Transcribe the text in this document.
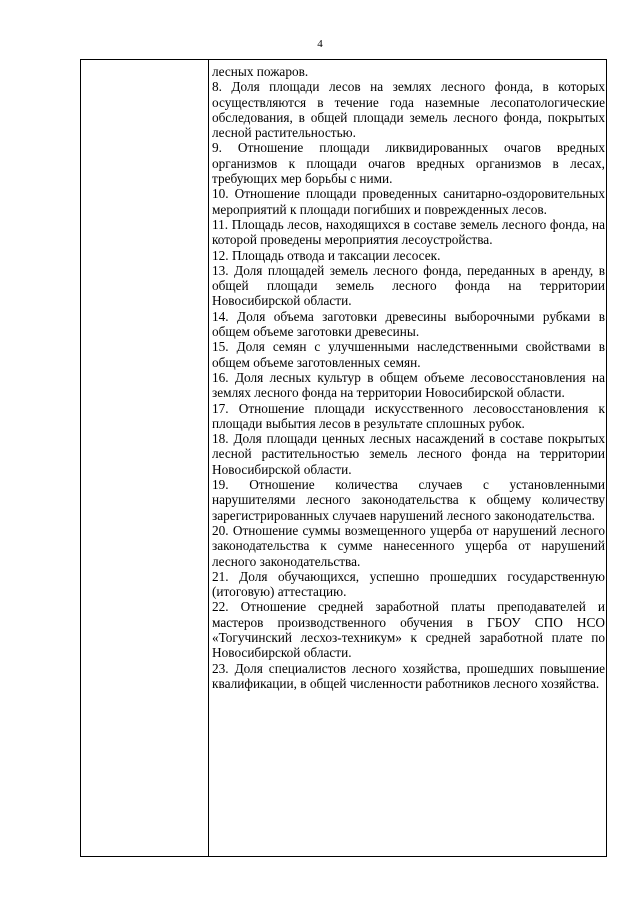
4

лесных пожаров.

8. Доля площади лесов на землях лесного фонда, в которых осуществляются в течение года наземные лесопатологические обследования, в общей площади земель лесного фонда, покрытых лесной растительностью.

9. Отношение площади ликвидированных очагов вредных организмов к площади очагов вредных организмов в лесах, требующих мер борьбы с ними.

10. Отношение площади проведенных санитарно-оздоровительных мероприятий к площади погибших и поврежденных лесов.

11. Площадь лесов, находящихся в составе земель лесного фонда, на которой проведены мероприятия лесоустройства.

12. Площадь отвода и таксации лесосек.

13. Доля площадей земель лесного фонда, переданных в аренду, в общей площади земель лесного фонда на территории Новосибирской области.

14. Доля объема заготовки древесины выборочными рубками в общем объеме заготовки древесины.

15. Доля семян с улучшенными наследственными свойствами в общем объеме заготовленных семян.

16. Доля лесных культур в общем объеме лесовосстановления на землях лесного фонда на территории Новосибирской области.

17. Отношение площади искусственного лесовосстановления к площади выбытия лесов в результате сплошных рубок.

18. Доля площади ценных лесных насаждений в составе покрытых лесной растительностью земель лесного фонда на территории Новосибирской области.

19. Отношение количества случаев с установленными нарушителями лесного законодательства к общему количеству зарегистрированных случаев нарушений лесного законодательства.

20. Отношение суммы возмещенного ущерба от нарушений лесного законодательства к сумме нанесенного ущерба от нарушений лесного законодательства.

21. Доля обучающихся, успешно прошедших государственную (итоговую) аттестацию.

22. Отношение средней заработной платы преподавателей и мастеров производственного обучения в ГБОУ СПО НСО «Тогучинский лесхоз-техникум» к средней заработной плате по Новосибирской области.

23. Доля специалистов лесного хозяйства, прошедших повышение квалификации, в общей численности работников лесного хозяйства.
